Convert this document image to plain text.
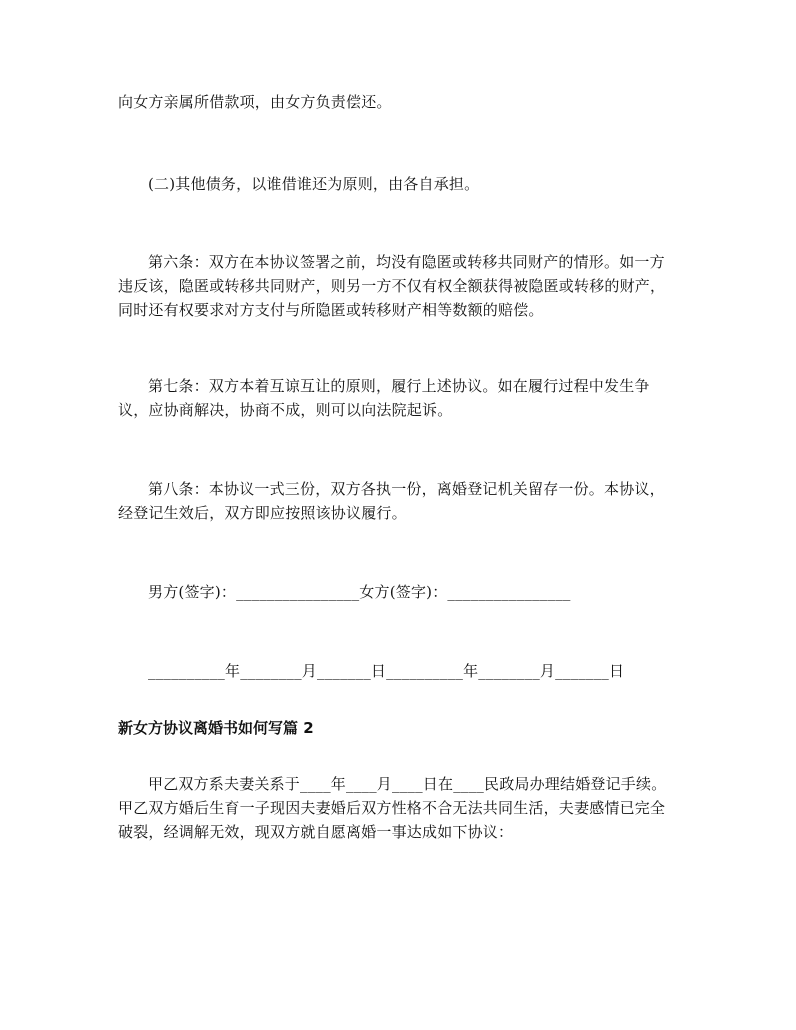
向女方亲属所借款项，由女方负责偿还。

(二)其他债务，以谁借谁还为原则，由各自承担。

第六条：双方在本协议签署之前，均没有隐匿或转移共同财产的情形。如一方
违反该，隐匿或转移共同财产，则另一方不仅有权全额获得被隐匿或转移的财产，
同时还有权要求对方支付与所隐匿或转移财产相等数额的赔偿。

第七条：双方本着互谅互让的原则，履行上述协议。如在履行过程中发生争
议，应协商解决，协商不成，则可以向法院起诉。

第八条：本协议一式三份，双方各执一份，离婚登记机关留存一份。本协议，
经登记生效后，双方即应按照该协议履行。

男方(签字)：________________女方(签字)：________________

__________年________月_______日__________年________月_______日

新女方协议离婚书如何写篇 2

甲乙双方系夫妻关系于____年____月____日在____民政局办理结婚登记手续。
甲乙双方婚后生育一子现因夫妻婚后双方性格不合无法共同生活，夫妻感情已完全
破裂，经调解无效，现双方就自愿离婚一事达成如下协议：
